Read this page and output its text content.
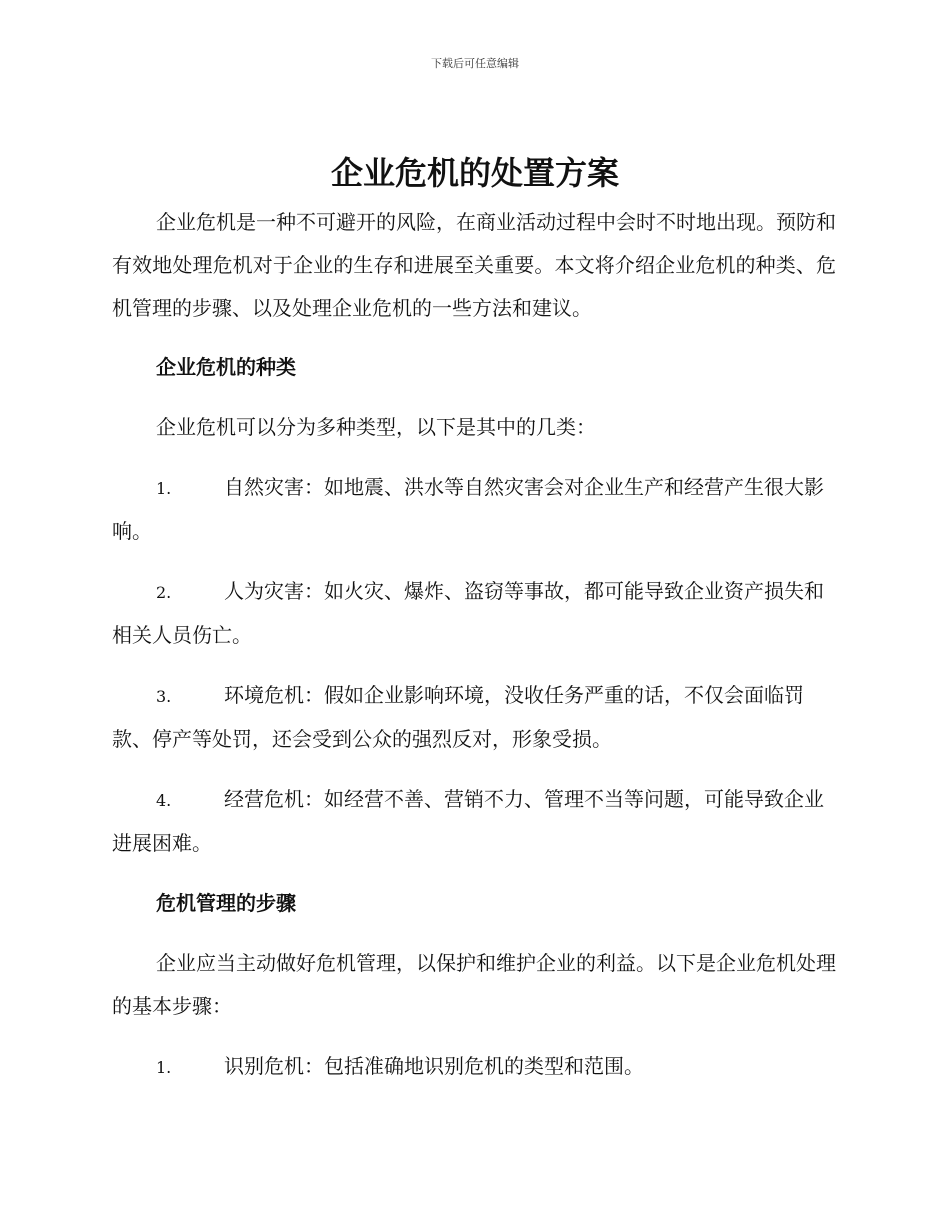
下载后可任意编辑
企业危机的处置方案

企业危机是一种不可避开的风险，在商业活动过程中会时不时地出现。预防和有效地处理危机对于企业的生存和进展至关重要。本文将介绍企业危机的种类、危机管理的步骤、以及处理企业危机的一些方法和建议。

企业危机的种类

企业危机可以分为多种类型，以下是其中的几类：

1.	自然灾害：如地震、洪水等自然灾害会对企业生产和经营产生很大影响。

2.	人为灾害：如火灾、爆炸、盗窃等事故，都可能导致企业资产损失和相关人员伤亡。

3.	环境危机：假如企业影响环境，没收任务严重的话，不仅会面临罚款、停产等处罚，还会受到公众的强烈反对，形象受损。

4.	经营危机：如经营不善、营销不力、管理不当等问题，可能导致企业进展困难。

危机管理的步骤

企业应当主动做好危机管理，以保护和维护企业的利益。以下是企业危机处理的基本步骤：

1.	识别危机：包括准确地识别危机的类型和范围。
